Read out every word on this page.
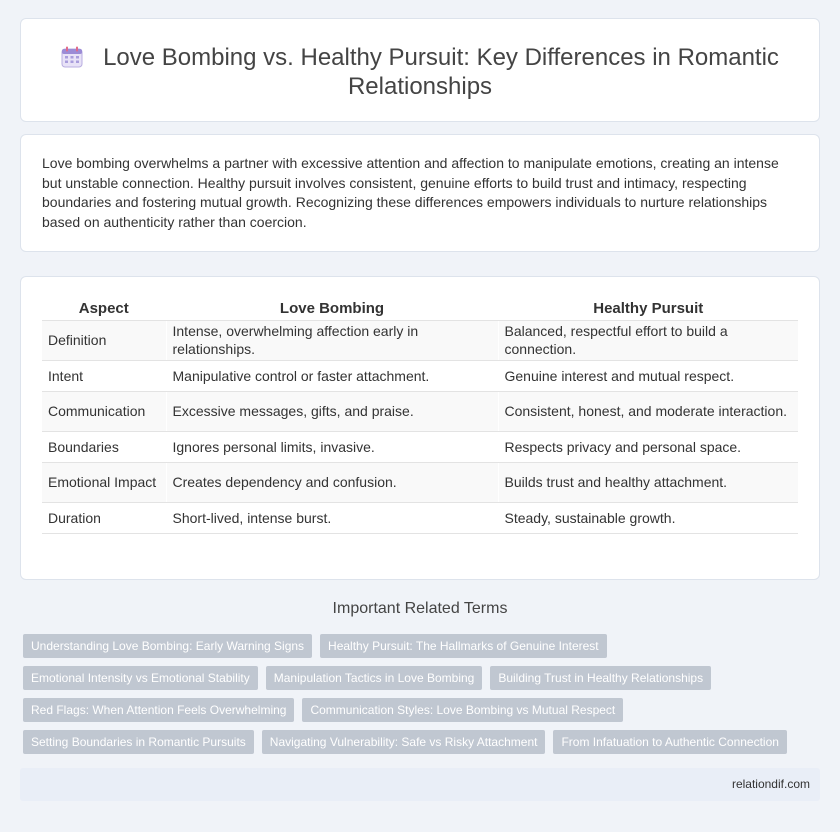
Love Bombing vs. Healthy Pursuit: Key Differences in Romantic Relationships

Love bombing overwhelms a partner with excessive attention and affection to manipulate emotions, creating an intense but unstable connection. Healthy pursuit involves consistent, genuine efforts to build trust and intimacy, respecting boundaries and fostering mutual growth. Recognizing these differences empowers individuals to nurture relationships based on authenticity rather than coercion.

Aspect	Love Bombing	Healthy Pursuit
Definition	Intense, overwhelming affection early in relationships.	Balanced, respectful effort to build a connection.
Intent	Manipulative control or faster attachment.	Genuine interest and mutual respect.
Communication	Excessive messages, gifts, and praise.	Consistent, honest, and moderate interaction.
Boundaries	Ignores personal limits, invasive.	Respects privacy and personal space.
Emotional Impact	Creates dependency and confusion.	Builds trust and healthy attachment.
Duration	Short-lived, intense burst.	Steady, sustainable growth.
Important Related Terms
Understanding Love Bombing: Early Warning Signs	Healthy Pursuit: The Hallmarks of Genuine Interest
Emotional Intensity vs Emotional Stability	Manipulation Tactics in Love Bombing	Building Trust in Healthy Relationships
Red Flags: When Attention Feels Overwhelming	Communication Styles: Love Bombing vs Mutual Respect
Setting Boundaries in Romantic Pursuits	Navigating Vulnerability: Safe vs Risky Attachment	From Infatuation to Authentic Connection
relationdif.com
